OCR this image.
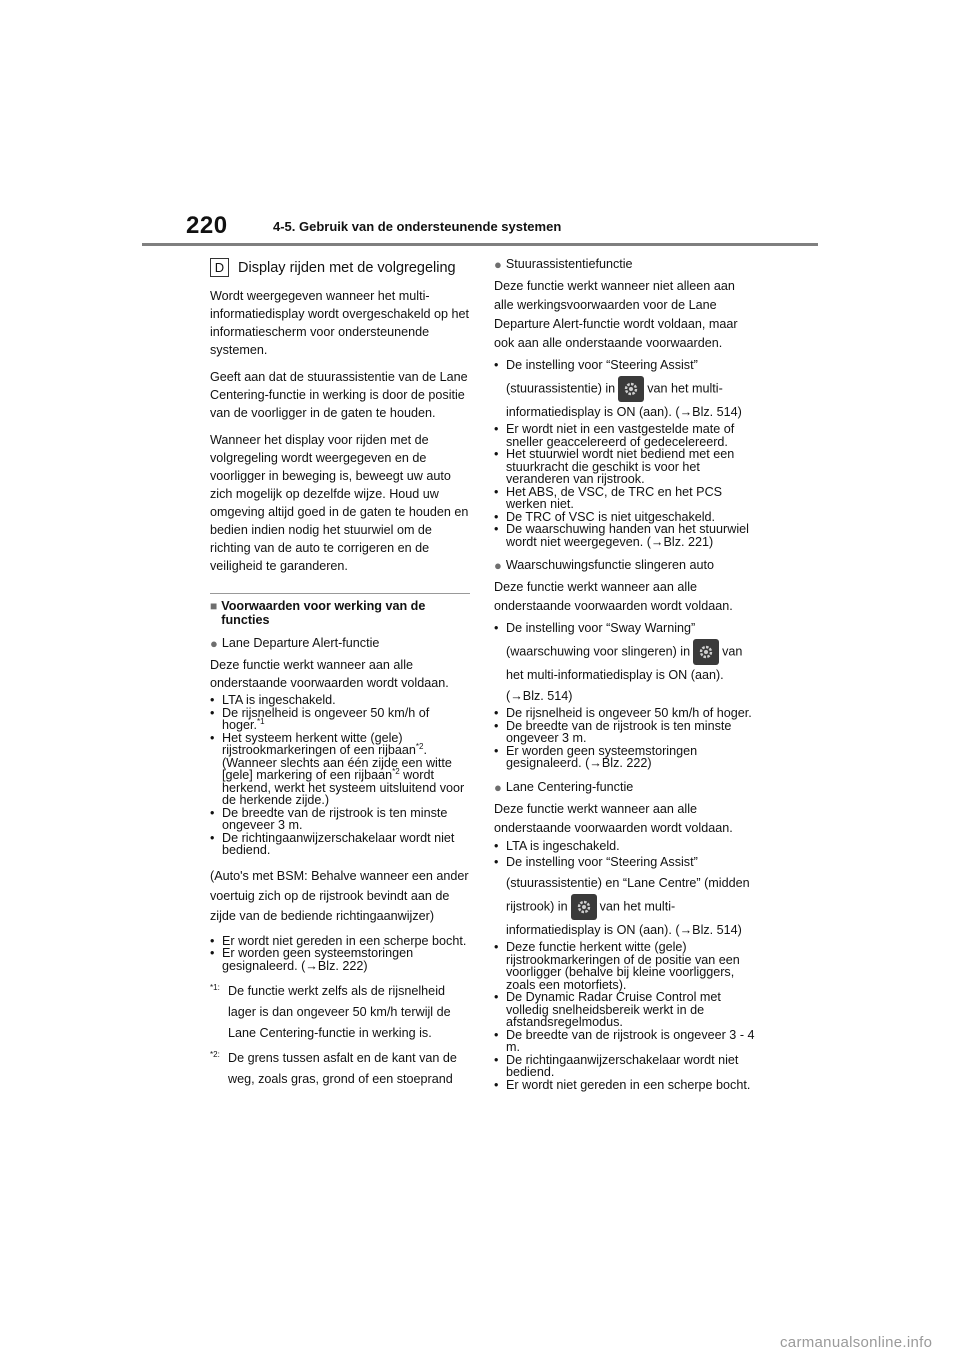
220	4-5. Gebruik van de ondersteunende systemen
D Display rijden met de volgregeling

Wordt weergegeven wanneer het multi-informatiedisplay wordt overgeschakeld op het informatiescherm voor ondersteunende systemen.

Geeft aan dat de stuurassistentie van de Lane Centering-functie in werking is door de positie van de voorligger in de gaten te houden.

Wanneer het display voor rijden met de volgregeling wordt weergegeven en de voorligger in beweging is, beweegt uw auto zich mogelijk op dezelfde wijze. Houd uw omgeving altijd goed in de gaten te houden en bedien indien nodig het stuurwiel om de richting van de auto te corrigeren en de veiligheid te garanderen.

■ Voorwaarden voor werking van de functies
● Lane Departure Alert-functie

Deze functie werkt wanneer aan alle onderstaande voorwaarden wordt voldaan.

• LTA is ingeschakeld.
• De rijsnelheid is ongeveer 50 km/h of hoger.$^{*1}$
• Het systeem herkent witte (gele) rijstrookmarkeringen of een rijbaan$^{*2}$. (Wanneer slechts aan één zijde een witte [gele] markering of een rijbaan$^{*2}$ wordt herkend, werkt het systeem uitsluitend voor de herkende zijde.)
• De breedte van de rijstrook is ten minste ongeveer 3 m.
• De richtingaanwijzerschakelaar wordt niet bediend.

(Auto's met BSM: Behalve wanneer een ander voertuig zich op de rijstrook bevindt aan de zijde van de bediende richtingaanwijzer)

• Er wordt niet gereden in een scherpe bocht.
• Er worden geen systeemstoringen gesignaleerd. (→Blz. 222)
$^{*1:}$ De functie werkt zelfs als de rijsnelheid lager is dan ongeveer 50 km/h terwijl de Lane Centering-functie in werking is.
$^{*2:}$ De grens tussen asfalt en de kant van de weg, zoals gras, grond of een stoeprand
● Stuurassistentiefunctie

Deze functie werkt wanneer niet alleen aan alle werkingsvoorwaarden voor de Lane Departure Alert-functie wordt voldaan, maar ook aan alle onderstaande voorwaarden.

• De instelling voor “Steering Assist” (stuurassistentie) in	van het multi-informatiedisplay is ON (aan). (→Blz. 514)
• Er wordt niet in een vastgestelde mate of sneller geaccelereerd of gedecelereerd.
• Het stuurwiel wordt niet bediend met een stuurkracht die geschikt is voor het veranderen van rijstrook.
• Het ABS, de VSC, de TRC en het PCS werken niet.
• De TRC of VSC is niet uitgeschakeld.
• De waarschuwing handen van het stuurwiel wordt niet weergegeven. (→Blz. 221)
● Waarschuwingsfunctie slingeren auto

Deze functie werkt wanneer aan alle onderstaande voorwaarden wordt voldaan.

• De instelling voor “Sway Warning” (waarschuwing voor slingeren) in	van het multi-informatiedisplay is ON (aan). (→Blz. 514)
• De rijsnelheid is ongeveer 50 km/h of hoger.
• De breedte van de rijstrook is ten minste ongeveer 3 m.
• Er worden geen systeemstoringen gesignaleerd. (→Blz. 222)
● Lane Centering-functie

Deze functie werkt wanneer aan alle onderstaande voorwaarden wordt voldaan.

• LTA is ingeschakeld.
• De instelling voor “Steering Assist” (stuurassistentie) en “Lane Centre” (midden rijstrook) in	van het multi-informatiedisplay is ON (aan). (→Blz. 514)
• Deze functie herkent witte (gele) rijstrookmarkeringen of de positie van een voorligger (behalve bij kleine voorliggers, zoals een motorfiets).
• De Dynamic Radar Cruise Control met volledig snelheidsbereik werkt in de afstandsregelmodus.
• De breedte van de rijstrook is ongeveer 3 - 4 m.
• De richtingaanwijzerschakelaar wordt niet bediend.
• Er wordt niet gereden in een scherpe bocht.
carmanualsonline.info
